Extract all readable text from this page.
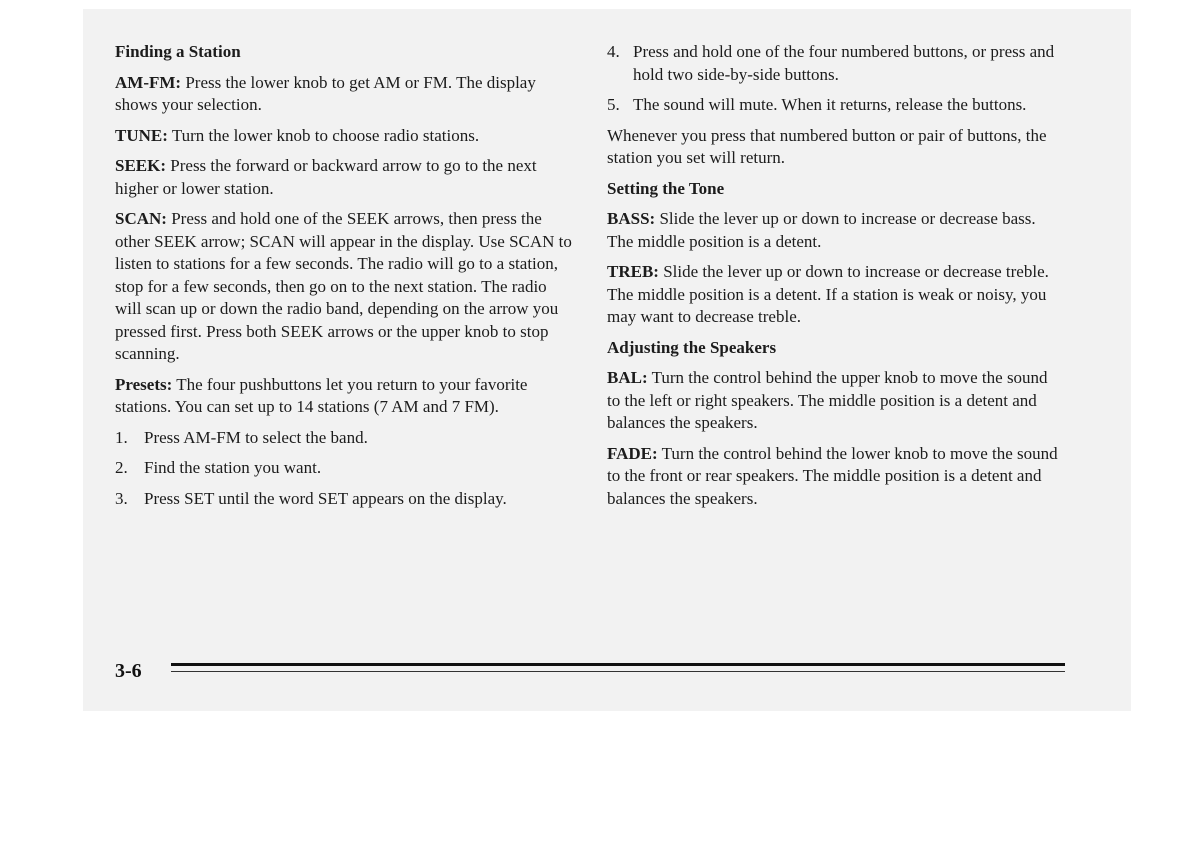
Finding a Station

AM-FM: Press the lower knob to get AM or FM. The display shows your selection.

TUNE: Turn the lower knob to choose radio stations.

SEEK: Press the forward or backward arrow to go to the next higher or lower station.

SCAN: Press and hold one of the SEEK arrows, then press the other SEEK arrow; SCAN will appear in the display. Use SCAN to listen to stations for a few seconds. The radio will go to a station, stop for a few seconds, then go on to the next station. The radio will scan up or down the radio band, depending on the arrow you pressed first. Press both SEEK arrows or the upper knob to stop scanning.

Presets: The four pushbuttons let you return to your favorite stations. You can set up to 14 stations (7 AM and 7 FM).

1. Press AM-FM to select the band.
2. Find the station you want.
3. Press SET until the word SET appears on the display.
4. Press and hold one of the four numbered buttons, or press and hold two side-by-side buttons.
5. The sound will mute. When it returns, release the buttons.

Whenever you press that numbered button or pair of buttons, the station you set will return.

Setting the Tone

BASS: Slide the lever up or down to increase or decrease bass. The middle position is a detent.

TREB: Slide the lever up or down to increase or decrease treble. The middle position is a detent. If a station is weak or noisy, you may want to decrease treble.

Adjusting the Speakers

BAL: Turn the control behind the upper knob to move the sound to the left or right speakers. The middle position is a detent and balances the speakers.

FADE: Turn the control behind the lower knob to move the sound to the front or rear speakers. The middle position is a detent and balances the speakers.

3-6
